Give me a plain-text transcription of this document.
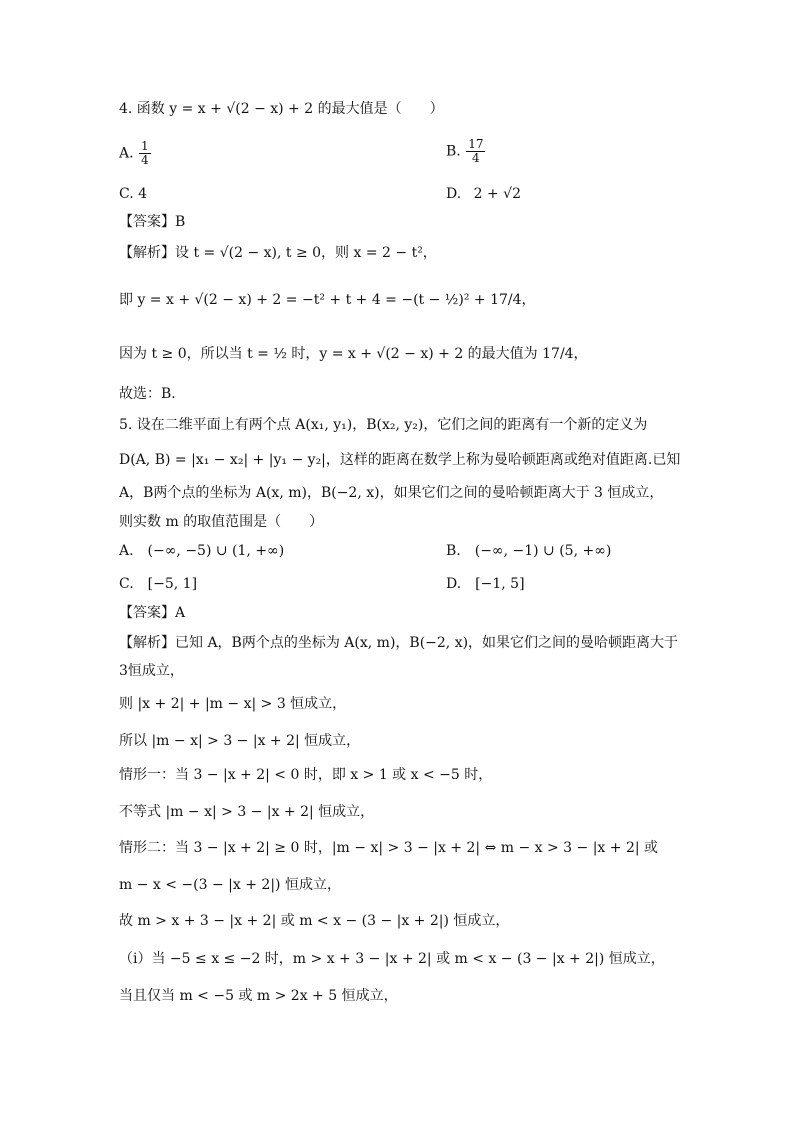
4. 函数 y = x + √(2 − x) + 2 的最大值是（　　）
A. $\frac{1}{4}$	B. $\frac{17}{4}$
C. 4	D. 2 + √2
【答案】B
【解析】设 t = √(2 − x), t ≥ 0，则 x = 2 − t²，
即 y = x + √(2 − x) + 2 = −t² + t + 4 = −(t − ½)² + 17/4，
因为 t ≥ 0，所以当 t = ½ 时，y = x + √(2 − x) + 2 的最大值为 17/4，
故选：B.
5. 设在二维平面上有两个点 A(x₁, y₁)，B(x₂, y₂)，它们之间的距离有一个新的定义为
D(A, B) = |x₁ − x₂| + |y₁ − y₂|，这样的距离在数学上称为曼哈顿距离或绝对值距离.已知
A，B两个点的坐标为 A(x, m)，B(−2, x)，如果它们之间的曼哈顿距离大于 3 恒成立，
则实数 m 的取值范围是（　　）
A.　(−∞, −5) ∪ (1, +∞)	B.　(−∞, −1) ∪ (5, +∞)
C.　[−5, 1]	D.　[−1, 5]
【答案】A
【解析】已知 A，B两个点的坐标为 A(x, m)，B(−2, x)，如果它们之间的曼哈顿距离大于
3恒成立，
则 |x + 2| + |m − x| > 3 恒成立，
所以 |m − x| > 3 − |x + 2| 恒成立，
情形一：当 3 − |x + 2| < 0 时，即 x > 1 或 x < −5 时，
不等式 |m − x| > 3 − |x + 2| 恒成立，
情形二：当 3 − |x + 2| ≥ 0 时，|m − x| > 3 − |x + 2| ⇔ m − x > 3 − |x + 2| 或
m − x < −(3 − |x + 2|) 恒成立，
故 m > x + 3 − |x + 2| 或 m < x − (3 − |x + 2|) 恒成立，
（i）当 −5 ≤ x ≤ −2 时，m > x + 3 − |x + 2| 或 m < x − (3 − |x + 2|) 恒成立，
当且仅当 m < −5 或 m > 2x + 5 恒成立，
